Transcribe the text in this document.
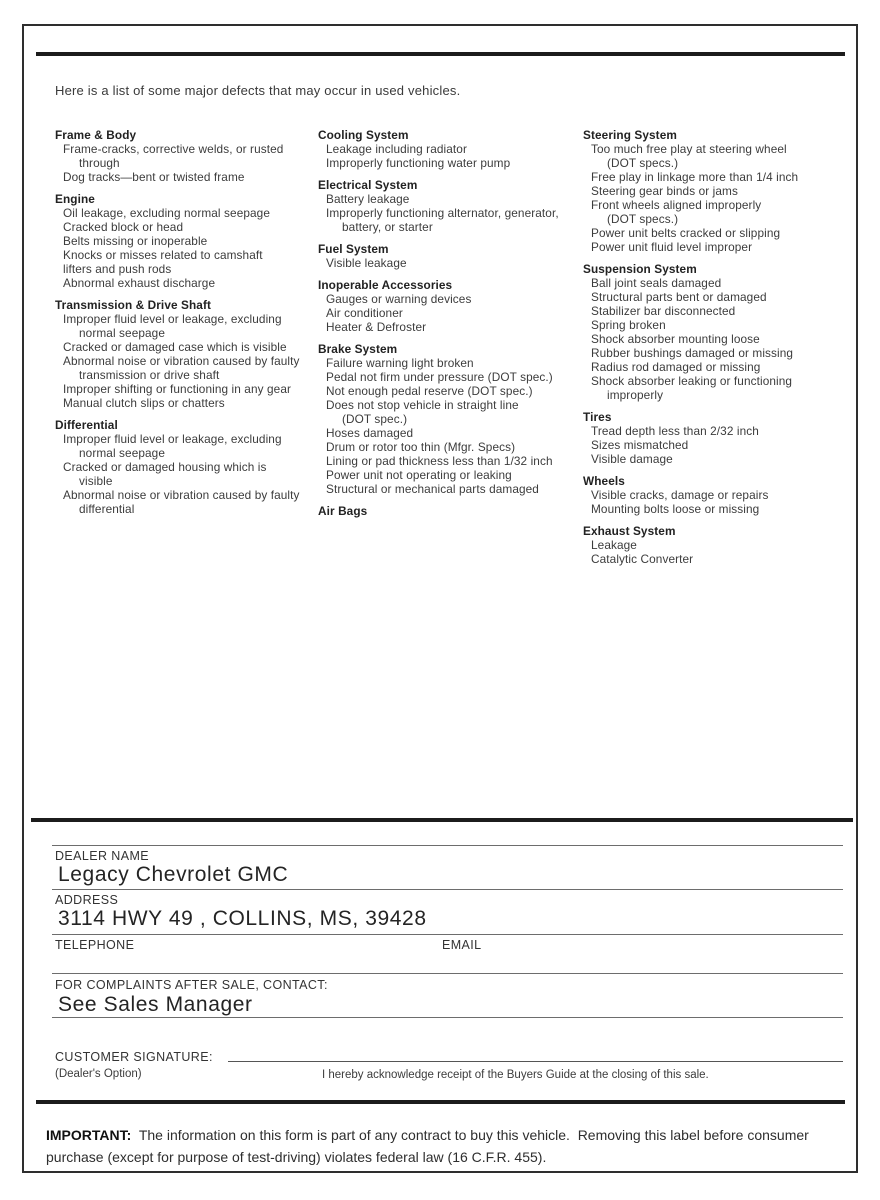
Here is a list of some major defects that may occur in used vehicles.
Frame & Body
Frame-cracks, corrective welds, or rusted
through
Dog tracks—bent or twisted frame
Engine
Oil leakage, excluding normal seepage
Cracked block or head
Belts missing or inoperable
Knocks or misses related to camshaft
lifters and push rods
Abnormal exhaust discharge
Transmission & Drive Shaft
Improper fluid level or leakage, excluding
normal seepage
Cracked or damaged case which is visible
Abnormal noise or vibration caused by faulty
transmission or drive shaft
Improper shifting or functioning in any gear
Manual clutch slips or chatters
Differential
Improper fluid level or leakage, excluding
normal seepage
Cracked or damaged housing which is
visible
Abnormal noise or vibration caused by faulty
differential
Cooling System
Leakage including radiator
Improperly functioning water pump
Electrical System
Battery leakage
Improperly functioning alternator, generator,
battery, or starter
Fuel System
Visible leakage
Inoperable Accessories
Gauges or warning devices
Air conditioner
Heater & Defroster
Brake System
Failure warning light broken
Pedal not firm under pressure (DOT spec.)
Not enough pedal reserve (DOT spec.)
Does not stop vehicle in straight line
(DOT spec.)
Hoses damaged
Drum or rotor too thin (Mfgr. Specs)
Lining or pad thickness less than 1/32 inch
Power unit not operating or leaking
Structural or mechanical parts damaged
Air Bags
Steering System
Too much free play at steering wheel
(DOT specs.)
Free play in linkage more than 1/4 inch
Steering gear binds or jams
Front wheels aligned improperly
(DOT specs.)
Power unit belts cracked or slipping
Power unit fluid level improper
Suspension System
Ball joint seals damaged
Structural parts bent or damaged
Stabilizer bar disconnected
Spring broken
Shock absorber mounting loose
Rubber bushings damaged or missing
Radius rod damaged or missing
Shock absorber leaking or functioning
improperly
Tires
Tread depth less than 2/32 inch
Sizes mismatched
Visible damage
Wheels
Visible cracks, damage or repairs
Mounting bolts loose or missing
Exhaust System
Leakage
Catalytic Converter
DEALER NAME
Legacy Chevrolet GMC
ADDRESS
3114 HWY 49 , COLLINS, MS, 39428
TELEPHONE	EMAIL
FOR COMPLAINTS AFTER SALE, CONTACT:
See Sales Manager
CUSTOMER SIGNATURE:
(Dealer's Option)	I hereby acknowledge receipt of the Buyers Guide at the closing of this sale.

IMPORTANT:  The information on this form is part of any contract to buy this vehicle.  Removing this label before consumer purchase (except for purpose of test-driving) violates federal law (16 C.F.R. 455).
